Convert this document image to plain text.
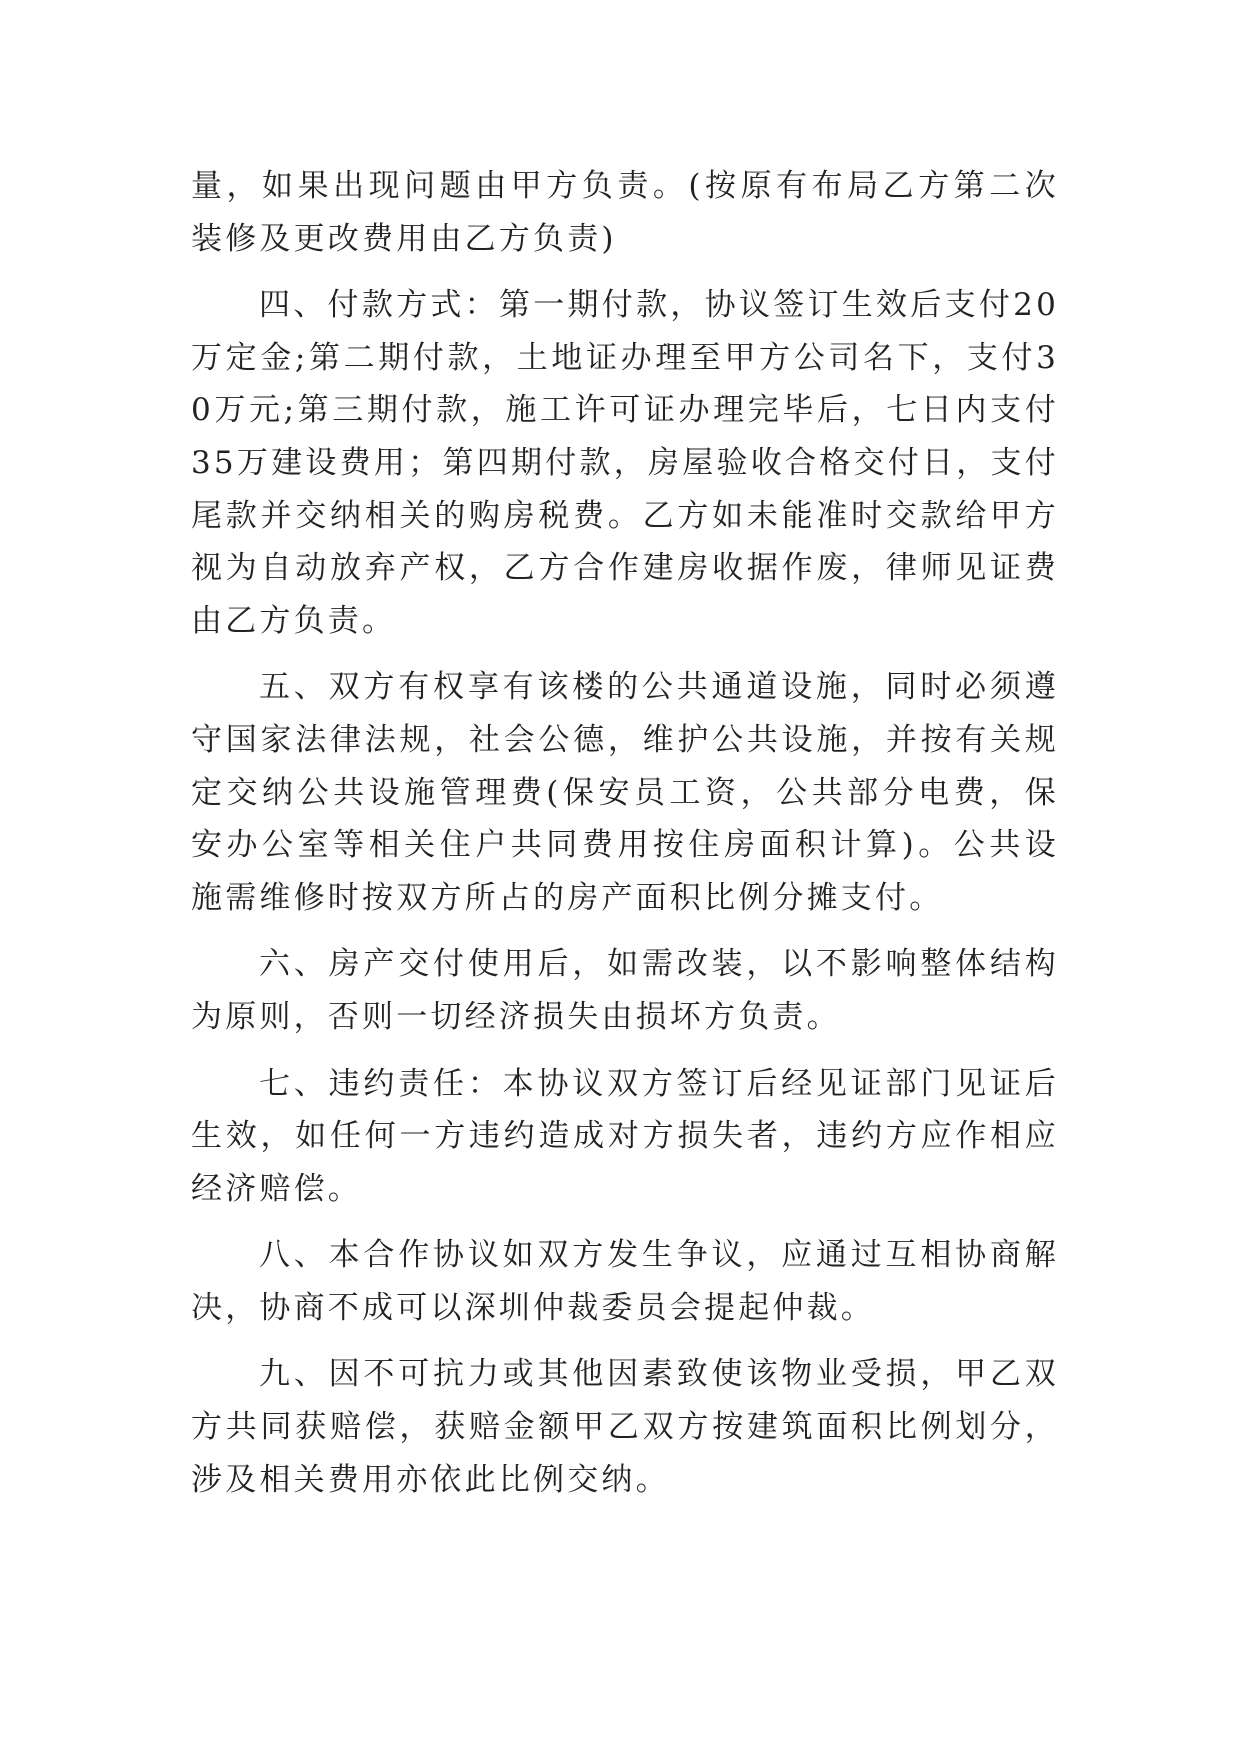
量，如果出现问题由甲方负责。(按原有布局乙方第二次装修及更改费用由乙方负责)

四、付款方式：第一期付款，协议签订生效后支付20万定金;第二期付款，土地证办理至甲方公司名下，支付30万元;第三期付款，施工许可证办理完毕后，七日内支付35万建设费用；第四期付款，房屋验收合格交付日，支付尾款并交纳相关的购房税费。乙方如未能准时交款给甲方视为自动放弃产权，乙方合作建房收据作废，律师见证费由乙方负责。

五、双方有权享有该楼的公共通道设施，同时必须遵守国家法律法规，社会公德，维护公共设施，并按有关规定交纳公共设施管理费(保安员工资，公共部分电费，保安办公室等相关住户共同费用按住房面积计算)。公共设施需维修时按双方所占的房产面积比例分摊支付。

六、房产交付使用后，如需改装，以不影响整体结构为原则，否则一切经济损失由损坏方负责。

七、违约责任：本协议双方签订后经见证部门见证后生效，如任何一方违约造成对方损失者，违约方应作相应经济赔偿。

八、本合作协议如双方发生争议，应通过互相协商解决，协商不成可以深圳仲裁委员会提起仲裁。

九、因不可抗力或其他因素致使该物业受损，甲乙双方共同获赔偿，获赔金额甲乙双方按建筑面积比例划分，涉及相关费用亦依此比例交纳。
